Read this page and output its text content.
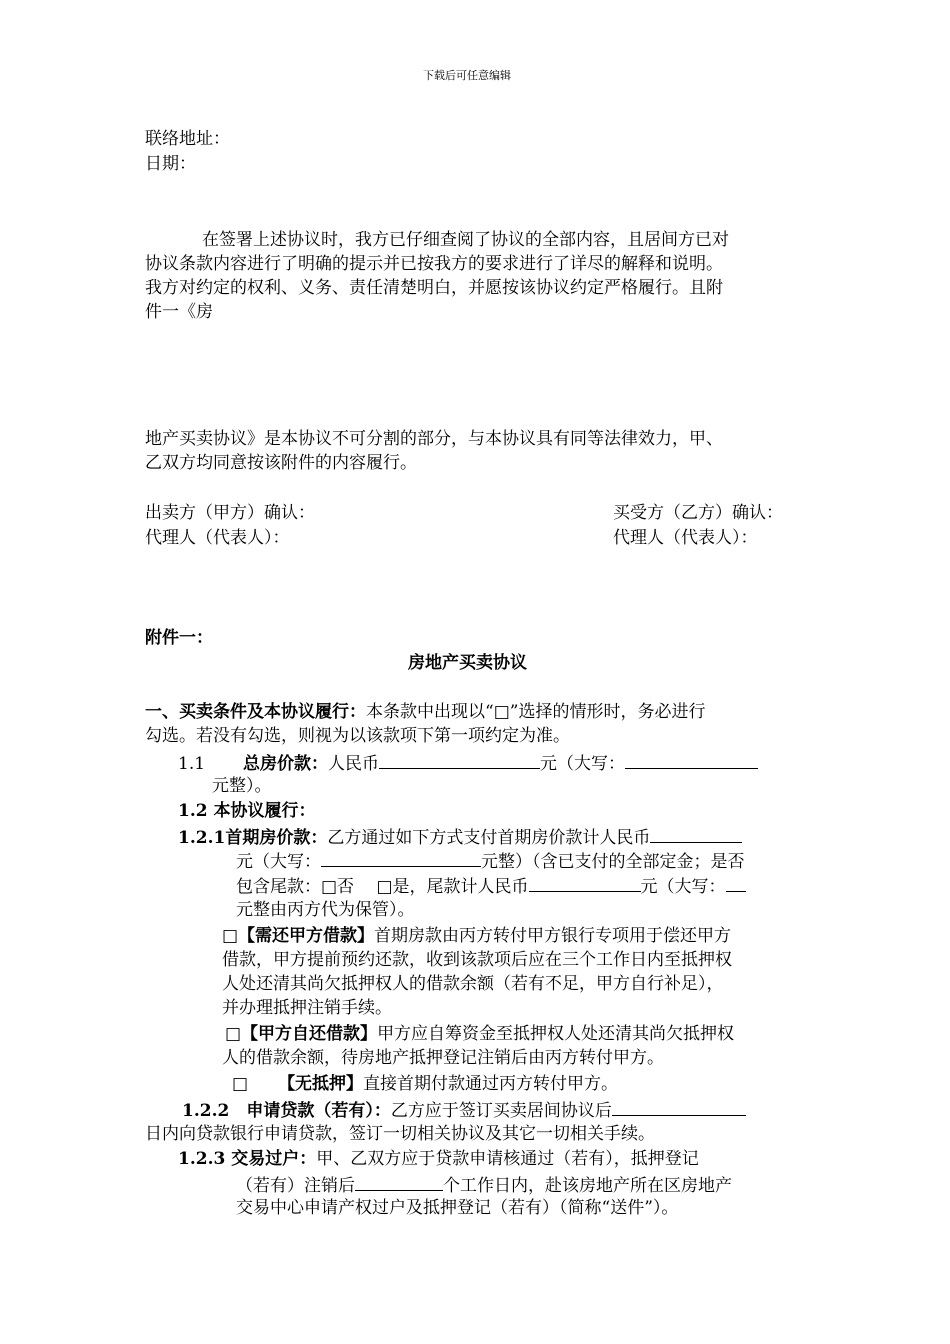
下载后可任意编辑
联络地址：
日期：
在签署上述协议时，我方已仔细查阅了协议的全部内容，且居间方已对
协议条款内容进行了明确的提示并已按我方的要求进行了详尽的解释和说明。
我方对约定的权利、义务、责任清楚明白，并愿按该协议约定严格履行。且附
件一《房
地产买卖协议》是本协议不可分割的部分，与本协议具有同等法律效力，甲、
乙双方均同意按该附件的内容履行。
出卖方（甲方）确认：
代理人（代表人）：
买受方（乙方）确认：
代理人（代表人）：
附件一：
房地产买卖协议
一、买卖条件及本协议履行：本条款中出现以“□”选择的情形时，务必进行
勾选。若没有勾选，则视为以该款项下第一项约定为准。
1.1 总房价款：人民币	元（大写：
元整）。
1.2 本协议履行：
1.2.1首期房价款：乙方通过如下方式支付首期房价款计人民币
元（大写：	元整）（含已支付的全部定金；是否
包含尾款：□否　 □是，尾款计人民币	元（大写：
元整由丙方代为保管）。
□【需还甲方借款】首期房款由丙方转付甲方银行专项用于偿还甲方
借款，甲方提前预约还款，收到该款项后应在三个工作日内至抵押权
人处还清其尚欠抵押权人的借款余额（若有不足，甲方自行补足），
并办理抵押注销手续。
□【甲方自还借款】甲方应自筹资金至抵押权人处还清其尚欠抵押权
人的借款余额，待房地产抵押登记注销后由丙方转付甲方。
□ 【无抵押】直接首期付款通过丙方转付甲方。
1.2.2　申请贷款（若有）：乙方应于签订买卖居间协议后
日内向贷款银行申请贷款，签订一切相关协议及其它一切相关手续。
1.2.3 交易过户：甲、乙双方应于贷款申请核通过（若有），抵押登记
（若有）注销后	个工作日内，赴该房地产所在区房地产
交易中心申请产权过户及抵押登记（若有）（简称“送件”）。
